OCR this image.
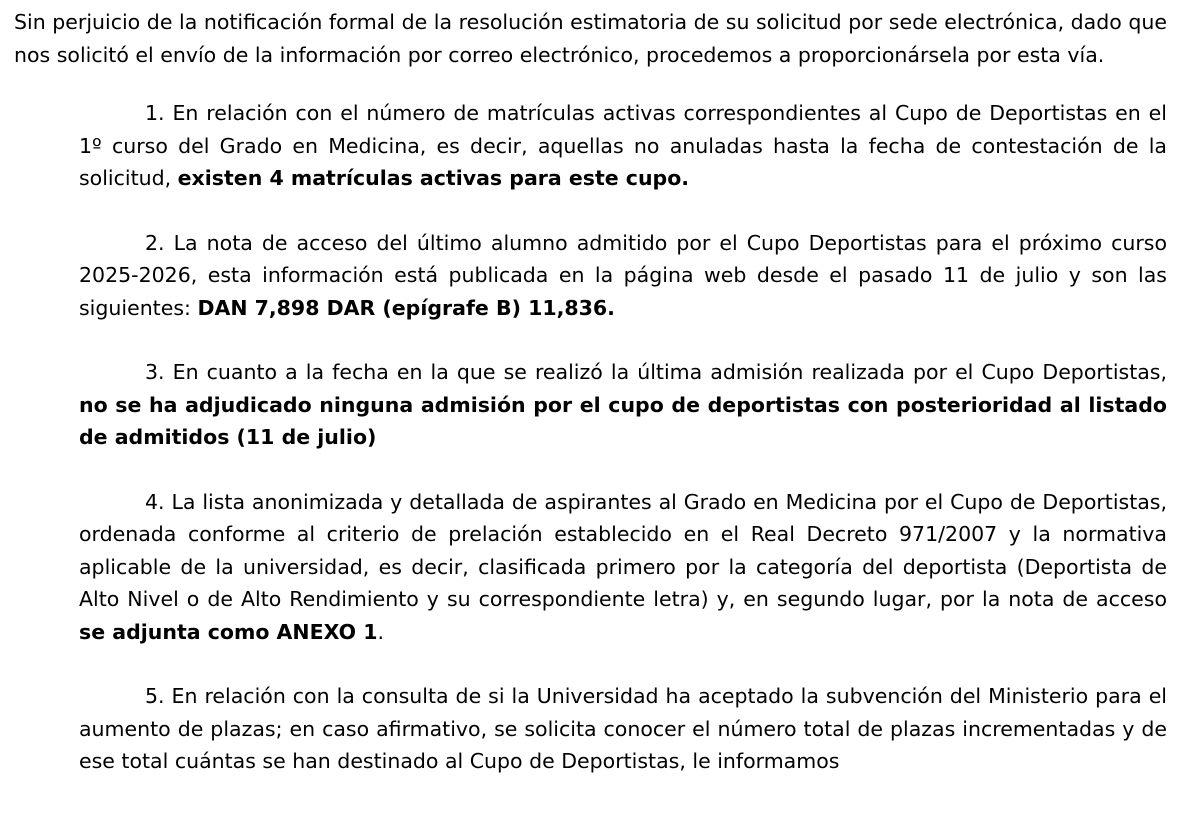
Sin perjuicio de la notificación formal de la resolución estimatoria de su solicitud por sede electrónica, dado que nos solicitó el envío de la información por correo electrónico, procedemos a proporcionársela por esta vía.

1. En relación con el número de matrículas activas correspondientes al Cupo de Deportistas en el 1º curso del Grado en Medicina, es decir, aquellas no anuladas hasta la fecha de contestación de la solicitud, existen 4 matrículas activas para este cupo.

2. La nota de acceso del último alumno admitido por el Cupo Deportistas para el próximo curso 2025-2026, esta información está publicada en la página web desde el pasado 11 de julio y son las siguientes: DAN 7,898 DAR (epígrafe B) 11,836.

3. En cuanto a la fecha en la que se realizó la última admisión realizada por el Cupo Deportistas, no se ha adjudicado ninguna admisión por el cupo de deportistas con posterioridad al listado de admitidos (11 de julio)

4. La lista anonimizada y detallada de aspirantes al Grado en Medicina por el Cupo de Deportistas, ordenada conforme al criterio de prelación establecido en el Real Decreto 971/2007 y la normativa aplicable de la universidad, es decir, clasificada primero por la categoría del deportista (Deportista de Alto Nivel o de Alto Rendimiento y su correspondiente letra) y, en segundo lugar, por la nota de acceso se adjunta como ANEXO 1.

5. En relación con la consulta de si la Universidad ha aceptado la subvención del Ministerio para el aumento de plazas; en caso afirmativo, se solicita conocer el número total de plazas incrementadas y de ese total cuántas se han destinado al Cupo de Deportistas, le informamos
